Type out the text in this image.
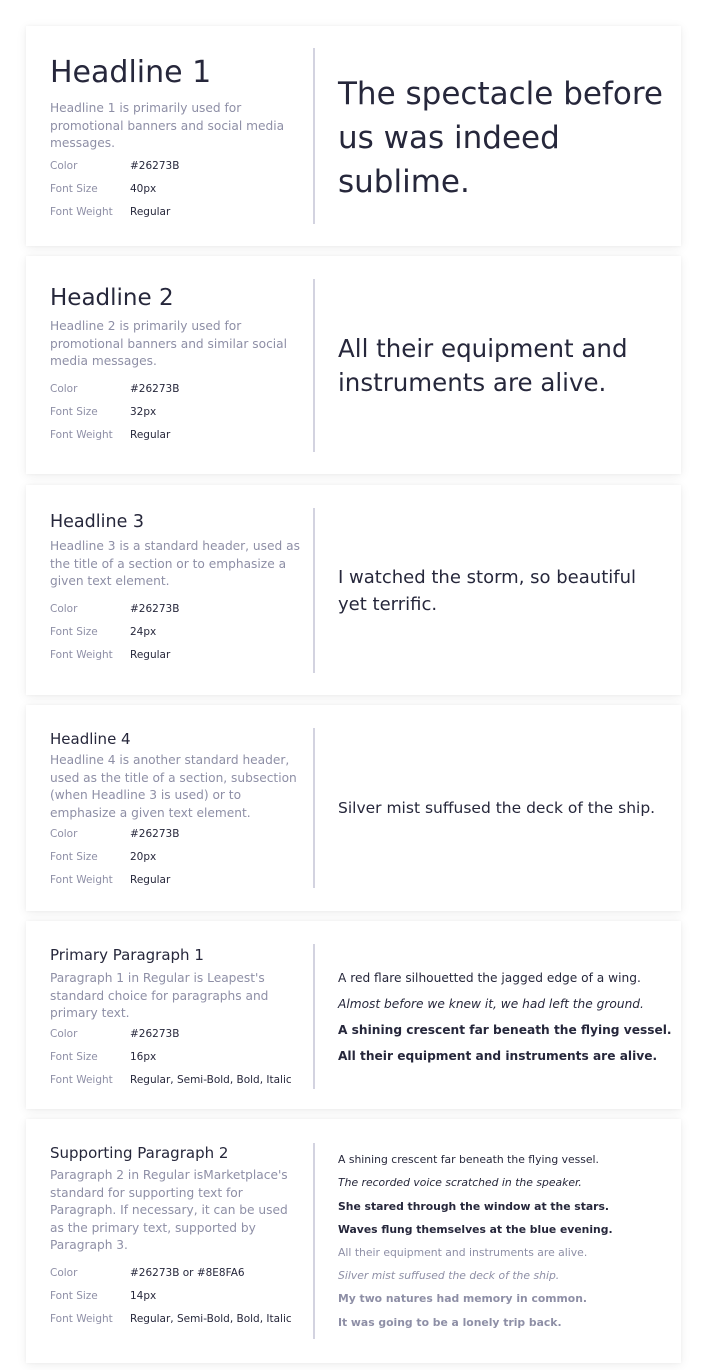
Headline 1
Headline 1 is primarily used for promotional banners and social media messages.
Color	#26273B
Font Size	40px
Font Weight	Regular
The spectacle before us was indeed sublime.
Headline 2
Headline 2 is primarily used for promotional banners and similar social media messages.
Color	#26273B
Font Size	32px
Font Weight	Regular
All their equipment and instruments are alive.
Headline 3
Headline 3 is a standard header, used as the title of a section or to emphasize a given text element.
Color	#26273B
Font Size	24px
Font Weight	Regular
I watched the storm, so beautiful yet terrific.
Headline 4
Headline 4 is another standard header, used as the title of a section, subsection (when Headline 3 is used) or to emphasize a given text element.
Color	#26273B
Font Size	20px
Font Weight	Regular
Silver mist suffused the deck of the ship.
Primary Paragraph 1
Paragraph 1 in Regular is Leapest's standard choice for paragraphs and primary text.
Color	#26273B
Font Size	16px
Font Weight	Regular, Semi-Bold, Bold, Italic
A red flare silhouetted the jagged edge of a wing.
Almost before we knew it, we had left the ground.
A shining crescent far beneath the flying vessel.
All their equipment and instruments are alive.
Supporting Paragraph 2
Paragraph 2 in Regular isMarketplace's standard for supporting text for Paragraph. If necessary, it can be used as the primary text, supported by Paragraph 3.
Color	#26273B or #8E8FA6
Font Size	14px
Font Weight	Regular, Semi-Bold, Bold, Italic
A shining crescent far beneath the flying vessel.
The recorded voice scratched in the speaker.
She stared through the window at the stars.
Waves flung themselves at the blue evening.
All their equipment and instruments are alive.
Silver mist suffused the deck of the ship.
My two natures had memory in common.
It was going to be a lonely trip back.
